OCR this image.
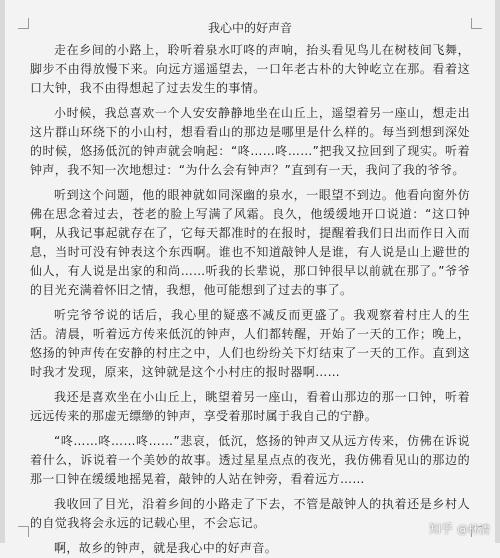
我心中的好声音

走在乡间的小路上，聆听着泉水叮咚的声响，抬头看见鸟儿在树枝间飞舞，脚步不由得放慢下来。向远方遥遥望去，一口年老古朴的大钟屹立在那。看着这口大钟，我不由得想起了过去发生的事情。

小时候，我总喜欢一个人安安静静地坐在山丘上，遥望着另一座山，想走出这片群山环绕下的小山村，想看看山的那边是哪里是什么样的。每当到想到深处的时候，悠扬低沉的钟声就会响起：“咚……咚……”把我又拉回到了现实。听着钟声，我不知一次地想过：“为什么会有钟声？”直到有一天，我问了我的爷爷。

听到这个问题，他的眼神就如同深幽的泉水，一眼望不到边。他看向窗外仿佛在思念着过去，苍老的脸上写满了风霜。良久，他缓缓地开口说道：“这口钟啊，从我记事起就存在了，它每天都准时的在报时，提醒着我们日出而作日入而息，当时可没有钟表这个东西啊。谁也不知道敲钟人是谁，有人说是山上避世的仙人，有人说是出家的和尚……听我的长辈说，那口钟很早以前就在那了。”爷爷的目光充满着怀旧之情，我想，他可能想到了过去的事了。

听完爷爷说的话后，我心里的疑惑不减反而更盛了。我观察着村庄人的生活。清晨，听着远方传来低沉的钟声，人们都转醒，开始了一天的工作；晚上，悠扬的钟声传在安静的村庄之中，人们也纷纷关下灯结束了一天的工作。直到这时我才发现，原来，这钟就是这个小村庄的报时器啊……

我还是喜欢坐在小山丘上，眺望着另一座山，看着山那边的那一口钟，听着远远传来的那虚无缥缈的钟声，享受着那时属于我自己的宁静。

“咚……咚……咚……”悲哀，低沉，悠扬的钟声又从远方传来，仿佛在诉说着什么，诉说着一个美妙的故事。透过星星点点的夜光，我仿佛看见山的那边的那一口钟在缓缓地摇晃着，敲钟的人站在钟旁，看着远方……

我收回了目光，沿着乡间的小路走了下去，不管是敲钟人的执着还是乡村人的自觉我将会永远的记载心里，不会忘记。

啊，故乡的钟声，就是我心中的好声音。

知乎 @林清
